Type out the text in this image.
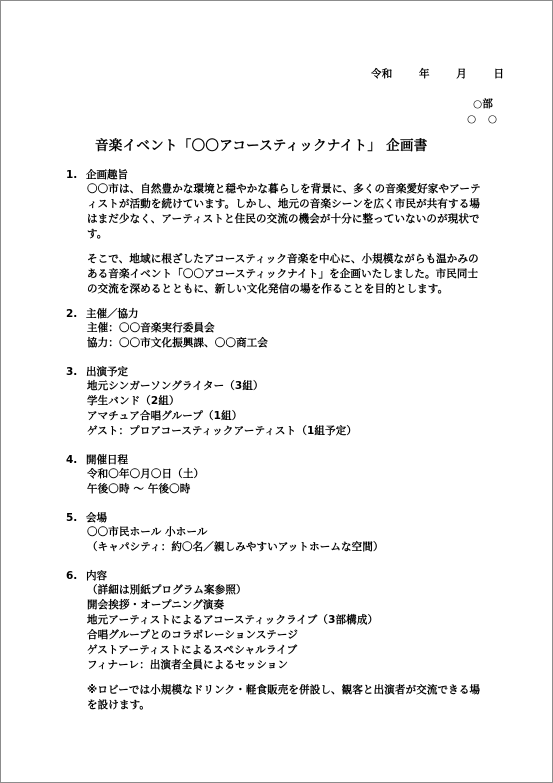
令和　 年　 月　 日
○部
○ ○
音楽イベント「〇〇アコースティックナイト」 企画書
1. 企画趣旨
〇〇市は、自然豊かな環境と穏やかな暮らしを背景に、多くの音楽愛好家やアーテ
ィストが活動を続けています。しかし、地元の音楽シーンを広く市民が共有する場
はまだ少なく、アーティストと住民の交流の機会が十分に整っていないのが現状で
す。
そこで、地域に根ざしたアコースティック音楽を中心に、小規模ながらも温かみの
ある音楽イベント「〇〇アコースティックナイト」を企画いたしました。市民同士
の交流を深めるとともに、新しい文化発信の場を作ることを目的とします。
2. 主催／協力
主催：〇〇音楽実行委員会
協力：〇〇市文化振興課、〇〇商工会
3. 出演予定
地元シンガーソングライター（3組）
学生バンド（2組）
アマチュア合唱グループ（1組）
ゲスト：プロアコースティックアーティスト（1組予定）
4. 開催日程
令和〇年〇月〇日（土）
午後〇時 ～ 午後〇時
5. 会場
〇〇市民ホール 小ホール
（キャパシティ：約〇名／親しみやすいアットホームな空間）
6. 内容
（詳細は別紙プログラム案参照）
開会挨拶・オープニング演奏
地元アーティストによるアコースティックライブ（3部構成）
合唱グループとのコラボレーションステージ
ゲストアーティストによるスペシャルライブ
フィナーレ：出演者全員によるセッション
※ロビーでは小規模なドリンク・軽食販売を併設し、観客と出演者が交流できる場
を設けます。
